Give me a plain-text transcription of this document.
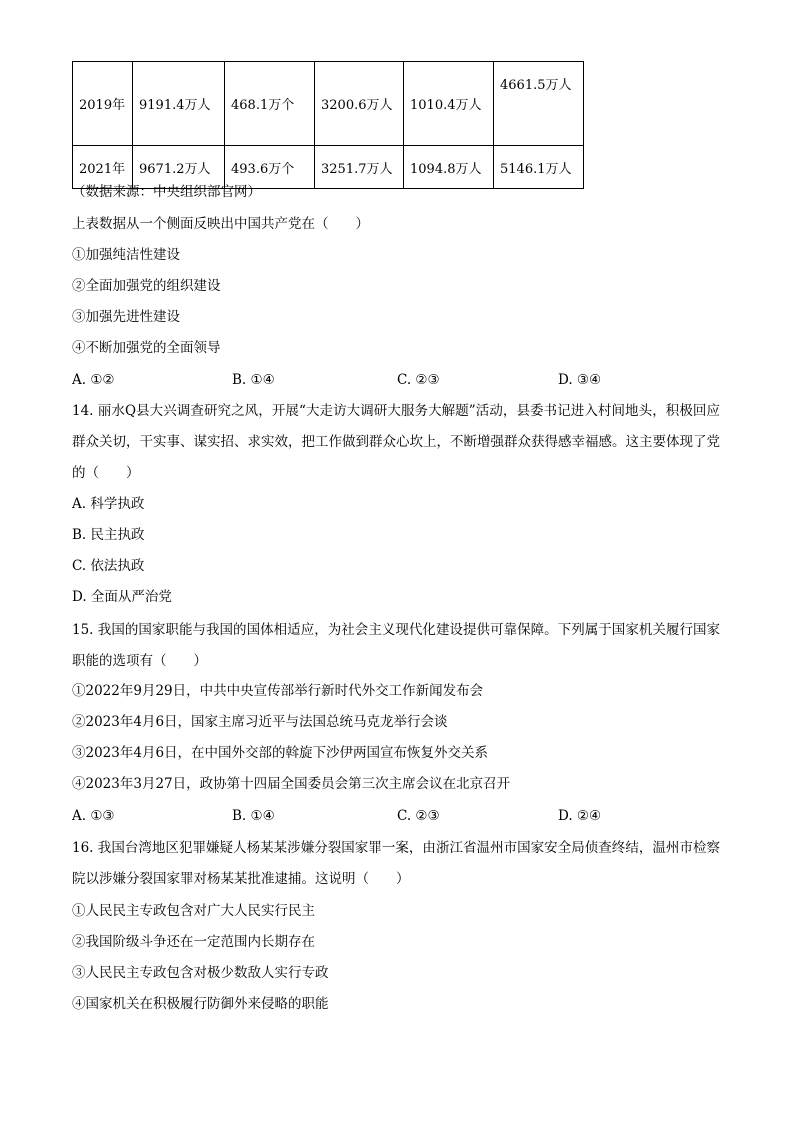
2019年	9191.4万人	468.1万个	3200.6万人	1010.4万人	4661.5万人
2021年	9671.2万人	493.6万个	3251.7万人	1094.8万人	5146.1万人
（数据来源：中央组织部官网）
上表数据从一个侧面反映出中国共产党在（　　）
①加强纯洁性建设
②全面加强党的组织建设
③加强先进性建设
④不断加强党的全面领导
A. ①②	B. ①④	C. ②③	D. ③④
14. 丽水Q县大兴调查研究之风，开展“大走访大调研大服务大解题”活动，县委书记进入村间地头，积极回应群众关切，干实事、谋实招、求实效，把工作做到群众心坎上，不断增强群众获得感幸福感。这主要体现了党的（　　）
A. 科学执政
B. 民主执政
C. 依法执政
D. 全面从严治党
15. 我国的国家职能与我国的国体相适应，为社会主义现代化建设提供可靠保障。下列属于国家机关履行国家职能的选项有（　　）
①2022年9月29日，中共中央宣传部举行新时代外交工作新闻发布会
②2023年4月6日，国家主席习近平与法国总统马克龙举行会谈
③2023年4月6日，在中国外交部的斡旋下沙伊两国宣布恢复外交关系
④2023年3月27日，政协第十四届全国委员会第三次主席会议在北京召开
A. ①③	B. ①④	C. ②③	D. ②④
16. 我国台湾地区犯罪嫌疑人杨某某涉嫌分裂国家罪一案，由浙江省温州市国家安全局侦查终结，温州市检察院以涉嫌分裂国家罪对杨某某批准逮捕。这说明（　　）
①人民民主专政包含对广大人民实行民主
②我国阶级斗争还在一定范围内长期存在
③人民民主专政包含对极少数敌人实行专政
④国家机关在积极履行防御外来侵略的职能
